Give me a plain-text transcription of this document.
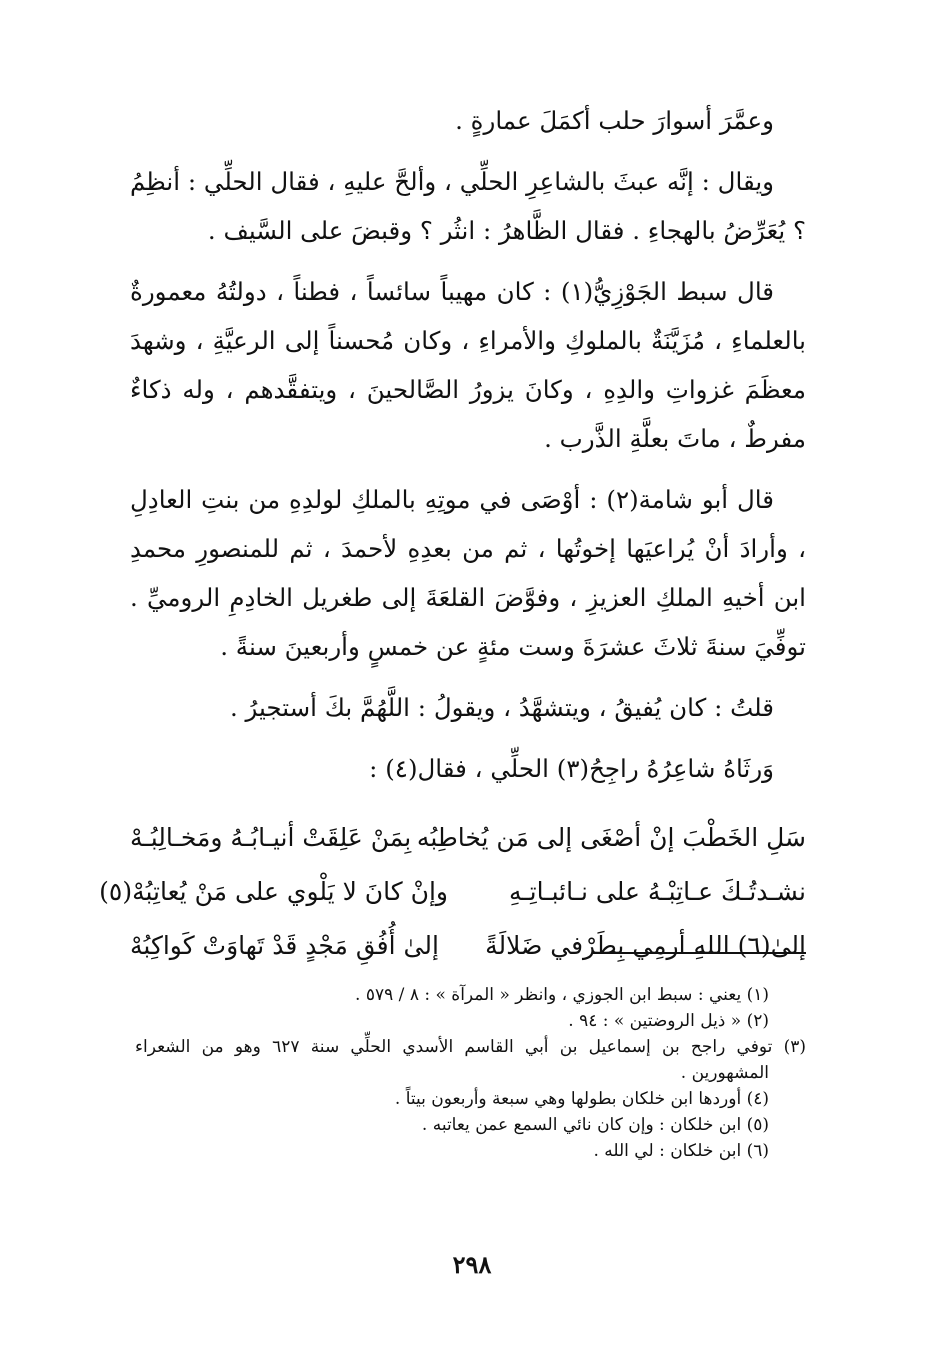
وعمَّرَ أسوارَ حلب أكمَلَ عمارةٍ .

ويقال : إنَّه عبثَ بالشاعِرِ الحلِّي ، وألحَّ عليهِ ، فقال الحلِّي : أنظِمُ ؟ يُعَرِّضُ بالهجاءِ . فقال الظَّاهرُ : انثُر ؟ وقبضَ على السَّيف .

قال سبط الجَوْزِيُّ(١) : كان مهيباً سائساً ، فطناً ، دولتُهُ معمورةٌ بالعلماءِ ، مُزَيَّنَةٌ بالملوكِ والأمراءِ ، وكان مُحسناً إلى الرعيَّةِ ، وشهدَ معظَمَ غزواتِ والدِهِ ، وكانَ يزورُ الصَّالحينَ ، ويتفقَّدهم ، وله ذكاءٌ مفرطٌ ، ماتَ بعلَّةِ الذَّرب .

قال أبو شامة(٢) : أوْصَى في موتِهِ بالملكِ لولدِهِ من بنتِ العادِلِ ، وأرادَ أنْ يُراعيَها إخوتُها ، ثم من بعدِهِ لأحمدَ ، ثم للمنصورِ محمدِ ابن أخيهِ الملكِ العزيزِ ، وفوَّضَ القلعَةَ إلى طغريل الخادِمِ الروميِّ . توفِّيَ سنةَ ثلاثَ عشرَةَ وست مئةٍ عن خمسٍ وأربعينَ سنةً .

قلتُ : كان يُفيقُ ، ويتشهَّدُ ، ويقولُ : اللَّهُمَّ بكَ أستجيرُ .

وَرثَاهُ شاعِرُهُ راجِحُ(٣) الحلِّي ، فقال(٤) :

سَلِ الخَطْبَ إنْ أصْغَى إلى مَن يُخاطِبُه
بِمَنْ عَلِقَتْ أنيـابُـهُ ومَخـالِبُـهْ
نشـدتُـكَ عـاتِبْـهُ على نـائبـاتِـهِ
وإنْ كانَ لا يَلْوي على مَنْ يُعاتِبُهْ(٥)
إلىٰ(٦) اللهِ أرمِي بِطَرْفي ضَلالَةً
إلىٰ أُفُقِ مَجْدٍ قَدْ تَهاوَتْ كَواكِبُهْ

(١) يعني : سبط ابن الجوزي ، وانظر « المرآة » : ٨ / ٥٧٩ .

(٢) « ذيل الروضتين » : ٩٤ .

(٣) توفي راجح بن إسماعيل بن أبي القاسم الأسدي الحلِّي سنة ٦٢٧ وهو من الشعراء المشهورين .

(٤) أوردها ابن خلكان بطولها وهي سبعة وأربعون بيتاً .

(٥) ابن خلكان : وإن كان نائي السمع عمن يعاتبه .

(٦) ابن خلكان : لي الله .

٢٩٨
